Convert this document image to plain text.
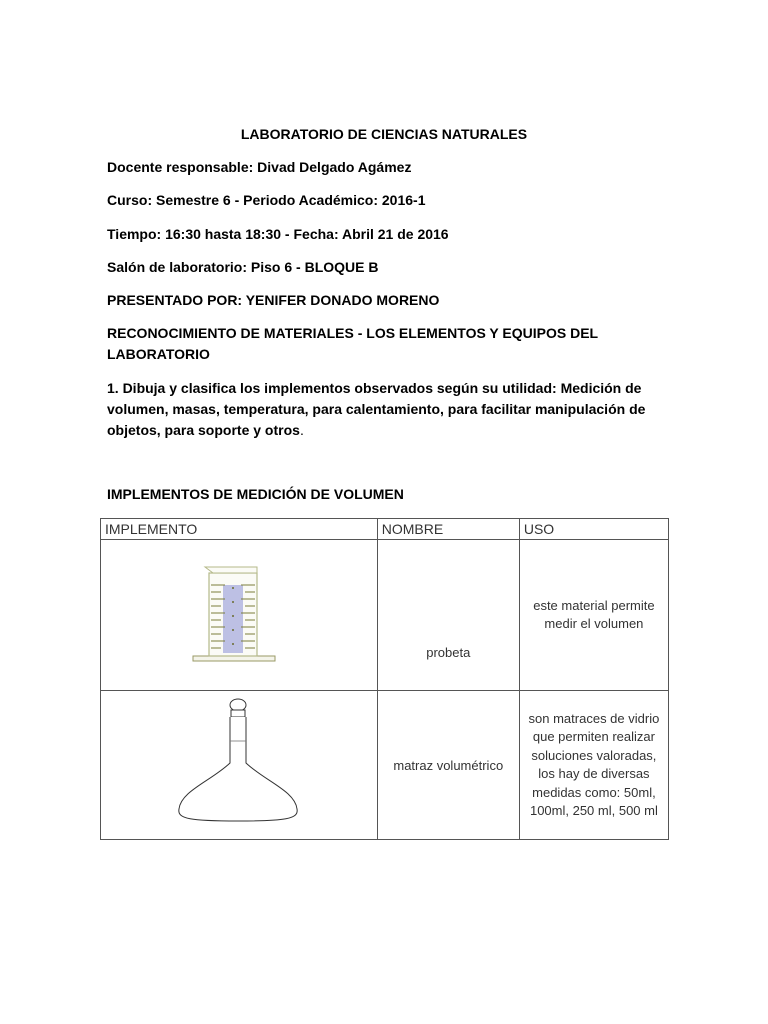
LABORATORIO DE CIENCIAS NATURALES
Docente responsable: Divad Delgado Agámez
Curso: Semestre 6 - Periodo Académico: 2016-1
Tiempo: 16:30 hasta 18:30 - Fecha: Abril 21 de 2016
Salón de laboratorio: Piso 6 - BLOQUE B
PRESENTADO POR: YENIFER DONADO MORENO
RECONOCIMIENTO DE MATERIALES - LOS ELEMENTOS Y EQUIPOS DEL LABORATORIO
1. Dibuja y clasifica los implementos observados según su utilidad: Medición de volumen, masas, temperatura, para calentamiento, para facilitar manipulación de objetos, para soporte y otros.
IMPLEMENTOS DE MEDICIÓN DE VOLUMEN
IMPLEMENTO	NOMBRE	USO

	probeta	este material permite medir el volumen

	matraz volumétrico	son matraces de vidrio que permiten realizar soluciones valoradas, los hay de diversas medidas como: 50ml, 100ml, 250 ml, 500 ml
